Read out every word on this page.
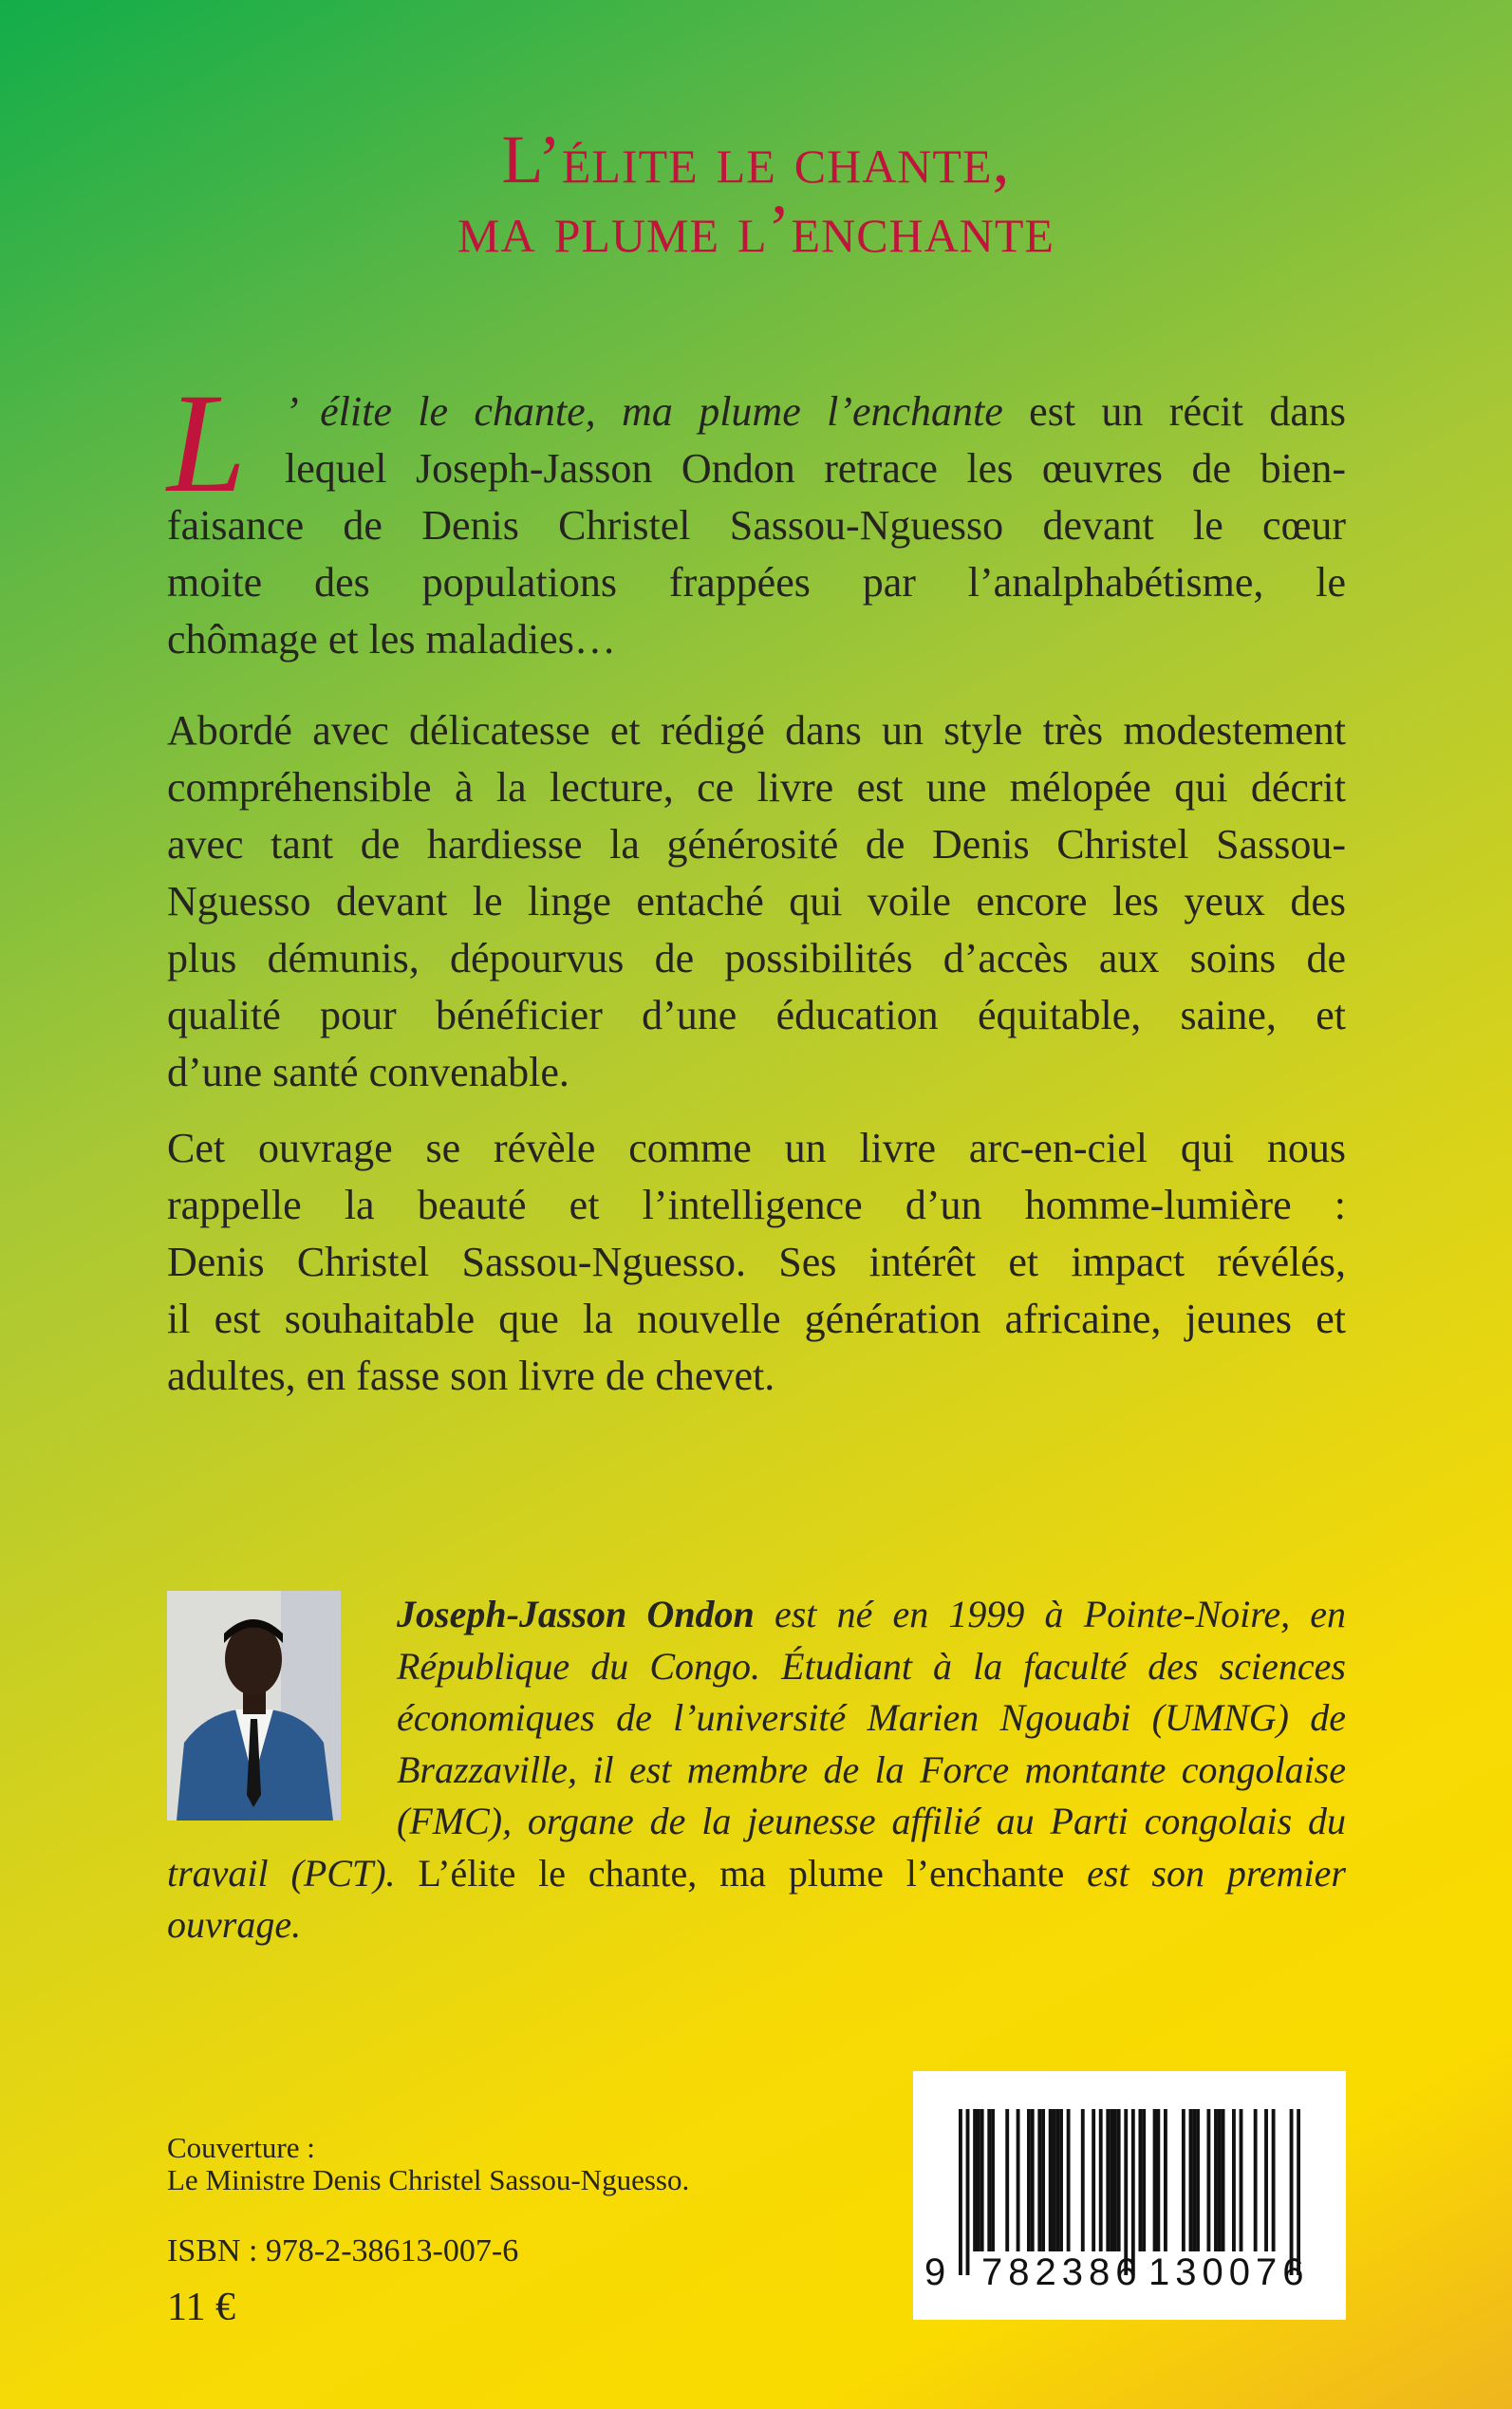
L’élite le chante,
ma plume l’enchante
L ’ élite le chante, ma plume l’enchante est un récit dans
lequel Joseph-Jasson Ondon retrace les œuvres de bien-
faisance de Denis Christel Sassou-Nguesso devant le cœur
moite des populations frappées par l’analphabétisme, le
chômage et les maladies…
Abordé avec délicatesse et rédigé dans un style très modestement
compréhensible à la lecture, ce livre est une mélopée qui décrit
avec tant de hardiesse la générosité de Denis Christel Sassou-
Nguesso devant le linge entaché qui voile encore les yeux des
plus démunis, dépourvus de possibilités d’accès aux soins de
qualité pour bénéficier d’une éducation équitable, saine, et
d’une santé convenable.
Cet ouvrage se révèle comme un livre arc-en-ciel qui nous
rappelle la beauté et l’intelligence d’un homme-lumière :
Denis Christel Sassou-Nguesso. Ses intérêt et impact révélés,
il est souhaitable que la nouvelle génération africaine, jeunes et
adultes, en fasse son livre de chevet.
Joseph-Jasson Ondon est né en 1999 à Pointe-Noire, en
République du Congo. Étudiant à la faculté des sciences
économiques de l’université Marien Ngouabi (UMNG) de
Brazzaville, il est membre de la Force montante congolaise
(FMC), organe de la jeunesse affilié au Parti congolais du
travail (PCT). L’élite le chante, ma plume l’enchante est son premier
ouvrage.
Couverture :
Le Ministre Denis Christel Sassou-Nguesso.
ISBN : 978-2-38613-007-6
11 €
9 782386 130076
